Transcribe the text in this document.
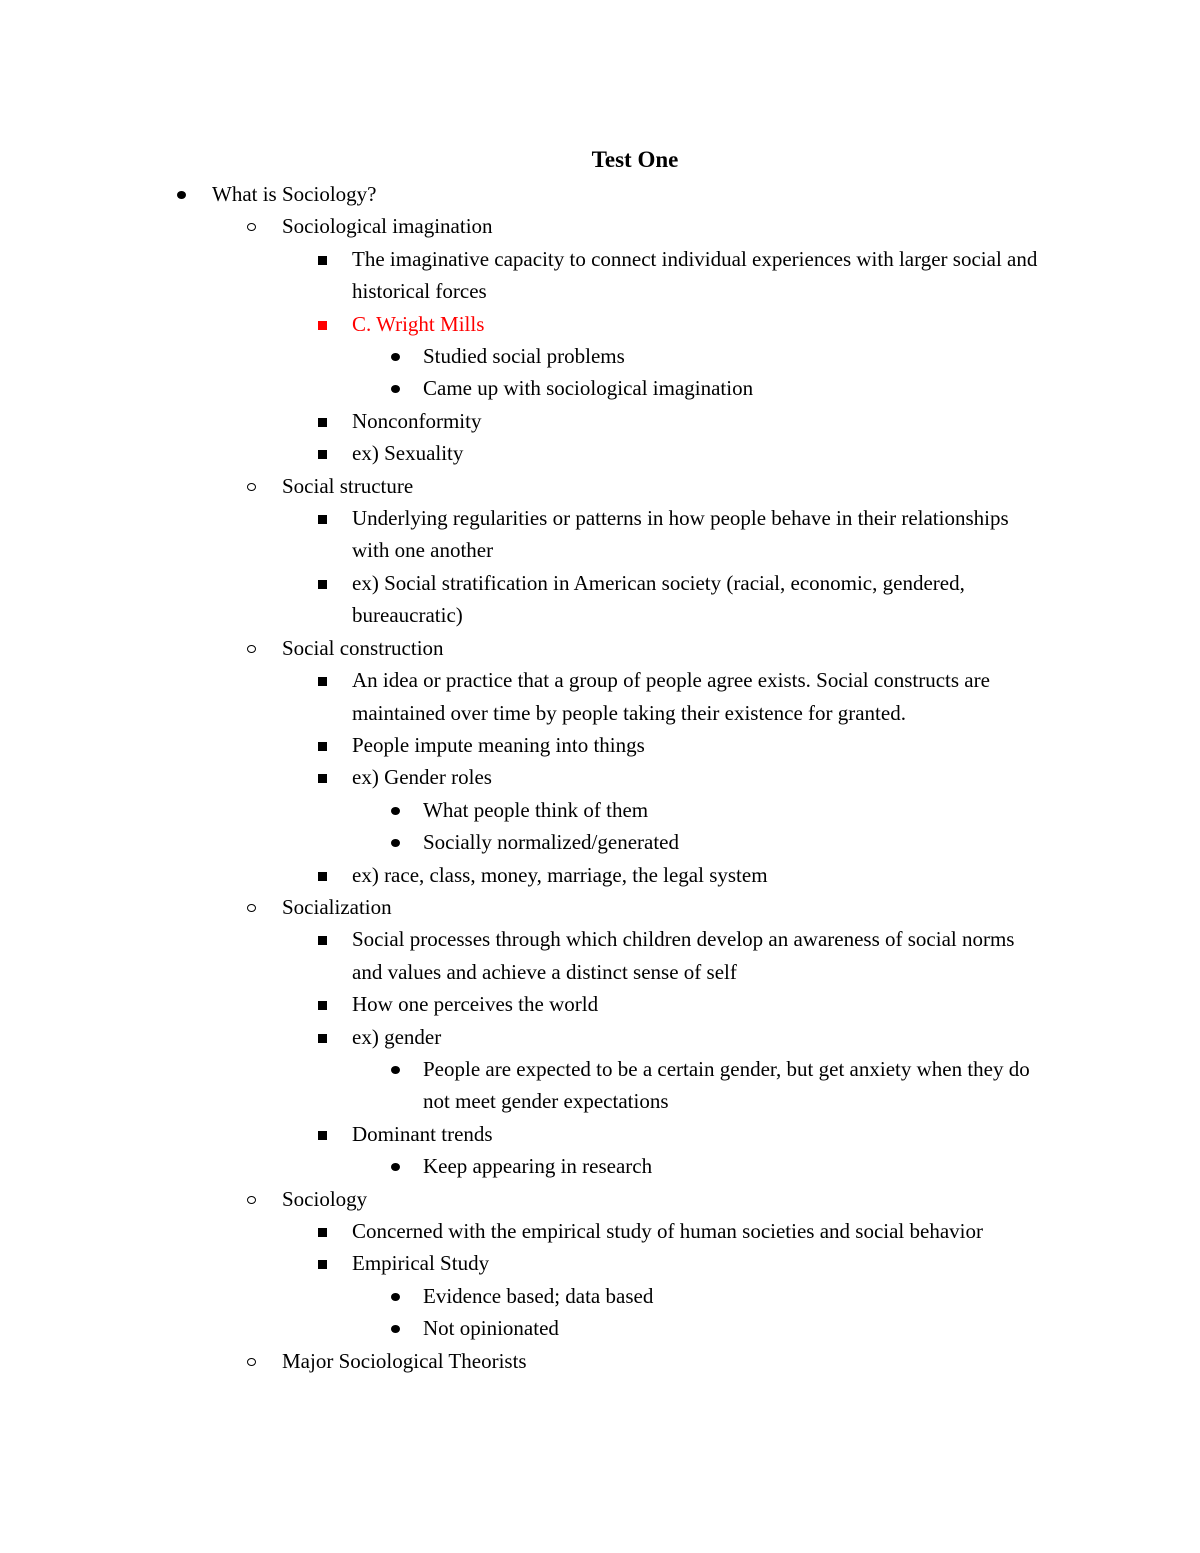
Test One
What is Sociology?
Sociological imagination
The imaginative capacity to connect individual experiences with larger social and historical forces
C. Wright Mills
Studied social problems
Came up with sociological imagination
Nonconformity
ex) Sexuality
Social structure
Underlying regularities or patterns in how people behave in their relationships with one another
ex) Social stratification in American society (racial, economic, gendered, bureaucratic)
Social construction
An idea or practice that a group of people agree exists. Social constructs are maintained over time by people taking their existence for granted.
People impute meaning into things
ex) Gender roles
What people think of them
Socially normalized/generated
ex) race, class, money, marriage, the legal system
Socialization
Social processes through which children develop an awareness of social norms and values and achieve a distinct sense of self
How one perceives the world
ex) gender
People are expected to be a certain gender, but get anxiety when they do not meet gender expectations
Dominant trends
Keep appearing in research
Sociology
Concerned with the empirical study of human societies and social behavior
Empirical Study
Evidence based; data based
Not opinionated
Major Sociological Theorists
